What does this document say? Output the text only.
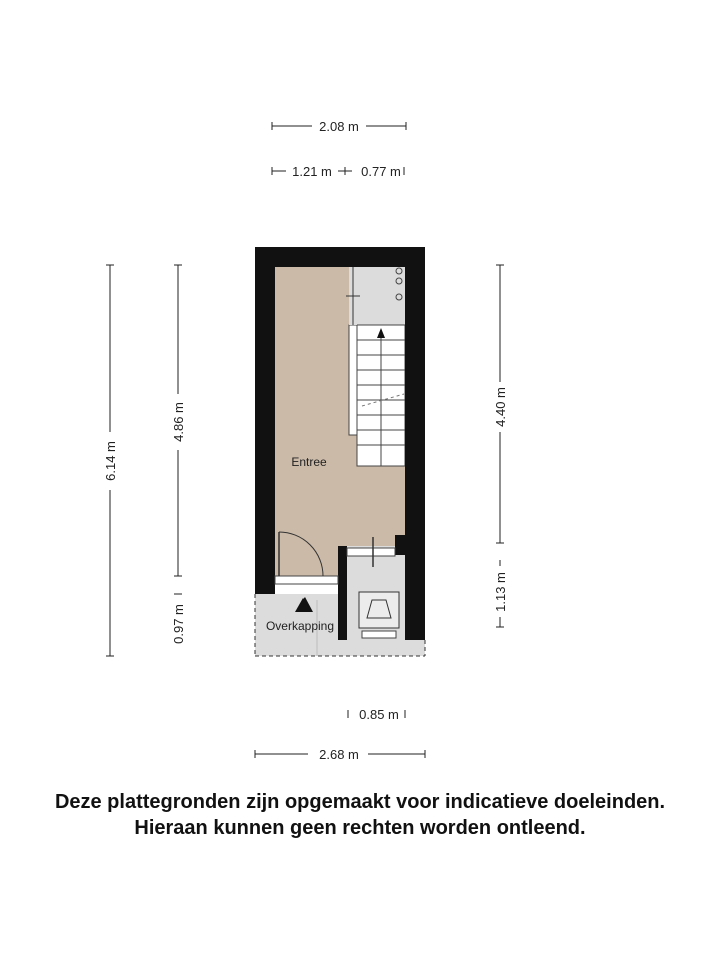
2.08 m
1.21 m 0.77 m
6.14 m
4.86 m
0.97 m
4.40 m
1.13 m
Entree
Overkapping
0.85 m
2.68 m
Deze plattegronden zijn opgemaakt voor indicatieve doeleinden.
Hieraan kunnen geen rechten worden ontleend.
